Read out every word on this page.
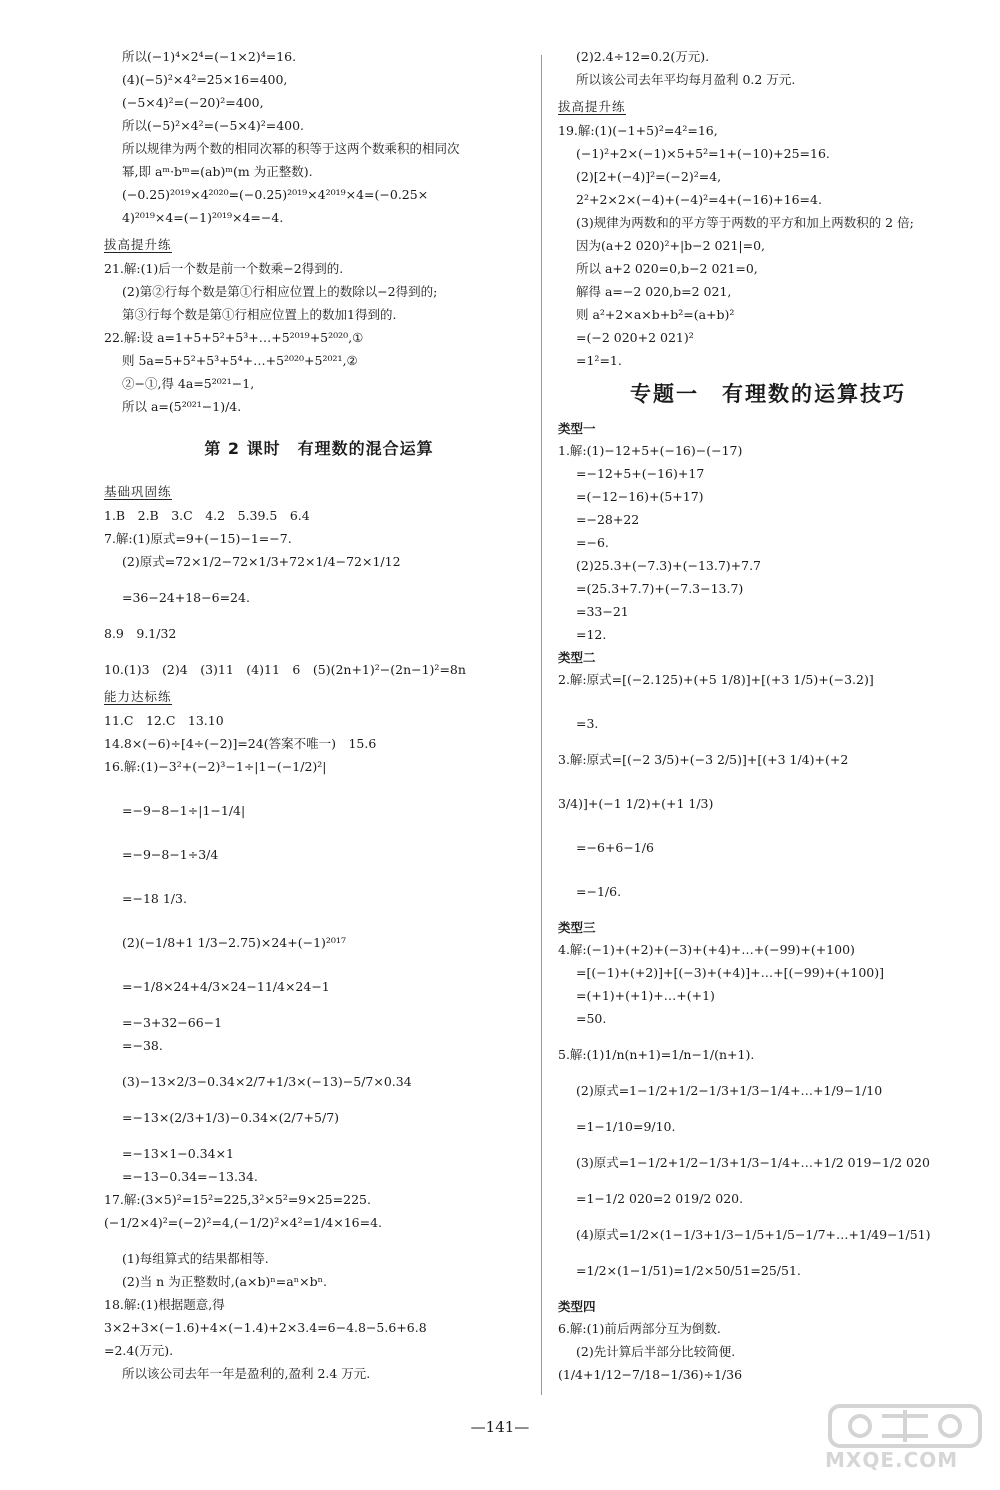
所以(−1)⁴×2⁴=(−1×2)⁴=16.
(4)(−5)²×4²=25×16=400,
(−5×4)²=(−20)²=400,
所以(−5)²×4²=(−5×4)²=400.
所以规律为两个数的相同次幂的积等于这两个数乘积的相同次
幂,即 aᵐ·bᵐ=(ab)ᵐ(m 为正整数).
(−0.25)²⁰¹⁹×4²⁰²⁰=(−0.25)²⁰¹⁹×4²⁰¹⁹×4=(−0.25×
4)²⁰¹⁹×4=(−1)²⁰¹⁹×4=−4.
拔高提升练
21.解:(1)后一个数是前一个数乘−2得到的.
(2)第②行每个数是第①行相应位置上的数除以−2得到的;
第③行每个数是第①行相应位置上的数加1得到的.
22.解:设 a=1+5+5²+5³+…+5²⁰¹⁹+5²⁰²⁰,①
则 5a=5+5²+5³+5⁴+…+5²⁰²⁰+5²⁰²¹,②
②−①,得 4a=5²⁰²¹−1,
所以 a=(5²⁰²¹−1)/4.
第 2 课时　有理数的混合运算
基础巩固练
1.B　2.B　3.C　4.2　5.39.5　6.4
7.解:(1)原式=9+(−15)−1=−7.
(2)原式=72×1/2−72×1/3+72×1/4−72×1/12
=36−24+18−6=24.
8.9　9.1/32
10.(1)3　(2)4　(3)11　(4)11　6　(5)(2n+1)²−(2n−1)²=8n
能力达标练
11.C　12.C　13.10
14.8×(−6)÷[4÷(−2)]=24(答案不唯一)　15.6
16.解:(1)−3²+(−2)³−1÷|1−(−1/2)²|
=−9−8−1÷|1−1/4|
=−9−8−1÷3/4
=−18 1/3.
(2)(−1/8+1 1/3−2.75)×24+(−1)²⁰¹⁷
=−1/8×24+4/3×24−11/4×24−1
=−3+32−66−1
=−38.
(3)−13×2/3−0.34×2/7+1/3×(−13)−5/7×0.34
=−13×(2/3+1/3)−0.34×(2/7+5/7)
=−13×1−0.34×1
=−13−0.34=−13.34.
17.解:(3×5)²=15²=225,3²×5²=9×25=225.
(−1/2×4)²=(−2)²=4,(−1/2)²×4²=1/4×16=4.
(1)每组算式的结果都相等.
(2)当 n 为正整数时,(a×b)ⁿ=aⁿ×bⁿ.
18.解:(1)根据题意,得
3×2+3×(−1.6)+4×(−1.4)+2×3.4=6−4.8−5.6+6.8
=2.4(万元).
所以该公司去年一年是盈利的,盈利 2.4 万元.
(2)2.4÷12=0.2(万元).
所以该公司去年平均每月盈利 0.2 万元.
拔高提升练
19.解:(1)(−1+5)²=4²=16,
(−1)²+2×(−1)×5+5²=1+(−10)+25=16.
(2)[2+(−4)]²=(−2)²=4,
2²+2×2×(−4)+(−4)²=4+(−16)+16=4.
(3)规律为两数和的平方等于两数的平方和加上两数积的 2 倍;
因为(a+2 020)²+|b−2 021|=0,
所以 a+2 020=0,b−2 021=0,
解得 a=−2 020,b=2 021,
则 a²+2×a×b+b²=(a+b)²
=(−2 020+2 021)²
=1²=1.
专题一　有理数的运算技巧
类型一
1.解:(1)−12+5+(−16)−(−17)
=−12+5+(−16)+17
=(−12−16)+(5+17)
=−28+22
=−6.
(2)25.3+(−7.3)+(−13.7)+7.7
=(25.3+7.7)+(−7.3−13.7)
=33−21
=12.
类型二
2.解:原式=[(−2.125)+(+5 1/8)]+[(+3 1/5)+(−3.2)]
=3.
3.解:原式=[(−2 3/5)+(−3 2/5)]+[(+3 1/4)+(+2
3/4)]+(−1 1/2)+(+1 1/3)
=−6+6−1/6
=−1/6.
类型三
4.解:(−1)+(+2)+(−3)+(+4)+…+(−99)+(+100)
=[(−1)+(+2)]+[(−3)+(+4)]+…+[(−99)+(+100)]
=(+1)+(+1)+…+(+1)
=50.
5.解:(1)1/n(n+1)=1/n−1/(n+1).
(2)原式=1−1/2+1/2−1/3+1/3−1/4+…+1/9−1/10
=1−1/10=9/10.
(3)原式=1−1/2+1/2−1/3+1/3−1/4+…+1/2 019−1/2 020
=1−1/2 020=2 019/2 020.
(4)原式=1/2×(1−1/3+1/3−1/5+1/5−1/7+…+1/49−1/51)
=1/2×(1−1/51)=1/2×50/51=25/51.
类型四
6.解:(1)前后两部分互为倒数.
(2)先计算后半部分比较简便.
(1/4+1/12−7/18−1/36)÷1/36
—141—
MXQE.COM
